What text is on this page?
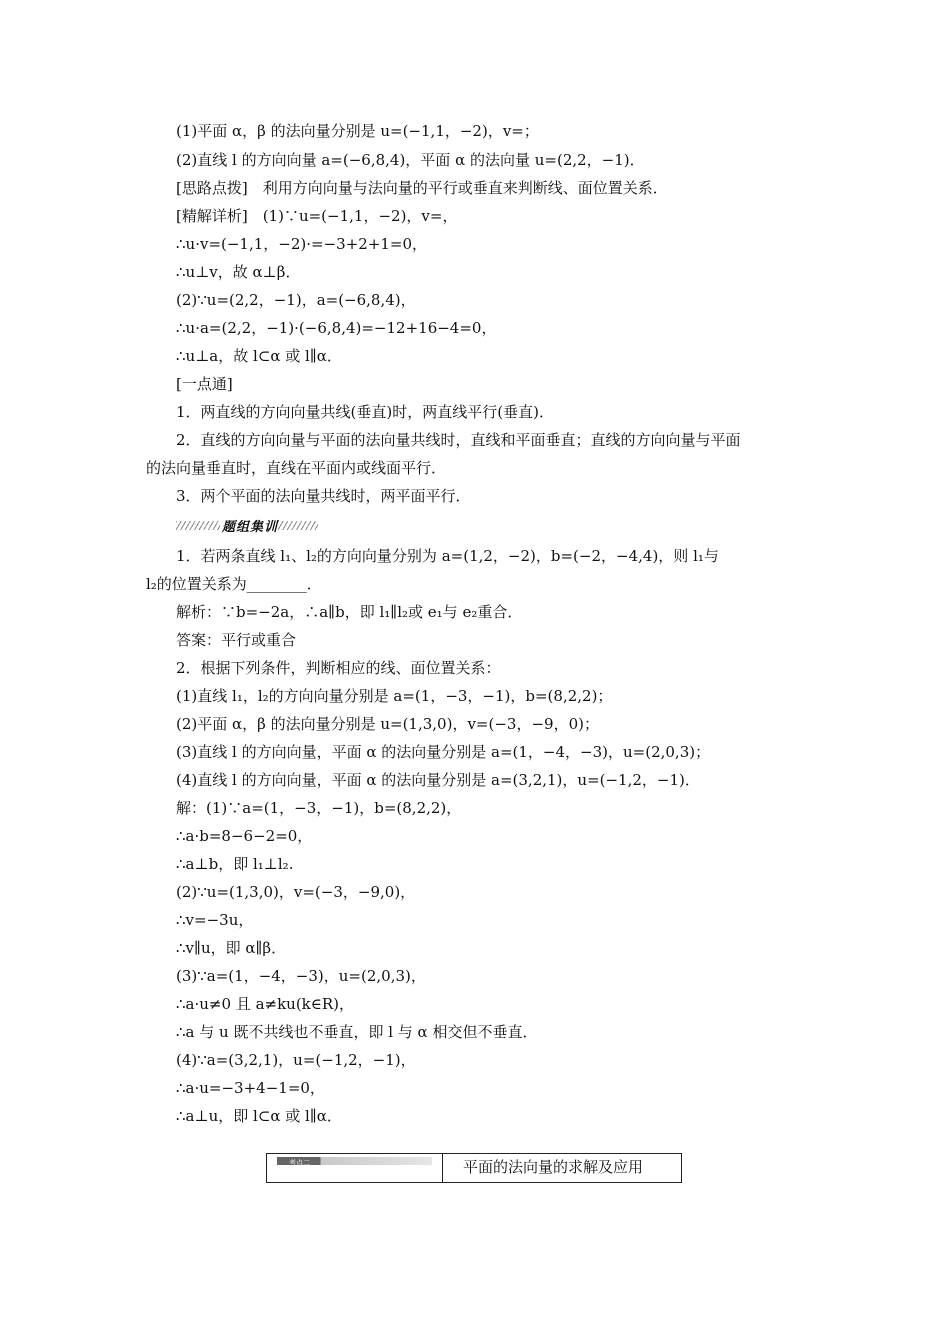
题组集训
考点二	平面的法向量的求解及应用
(1)平面 α，β 的法向量分别是 u=(−1,1，−2)，v=；
(2)直线 l 的方向向量 a=(−6,8,4)，平面 α 的法向量 u=(2,2，−1)．
[思路点拨]　利用方向向量与法向量的平行或垂直来判断线、面位置关系．
[精解详析]　(1)∵u=(−1,1，−2)，v=，
∴u·v=(−1,1，−2)·=−3+2+1=0，
∴u⊥v，故 α⊥β．
(2)∵u=(2,2，−1)，a=(−6,8,4)，
∴u·a=(2,2，−1)·(−6,8,4)=−12+16−4=0，
∴u⊥a，故 l⊂α 或 l∥α．
[一点通]
1．两直线的方向向量共线(垂直)时，两直线平行(垂直)．
2．直线的方向向量与平面的法向量共线时，直线和平面垂直；直线的方向向量与平面
的法向量垂直时，直线在平面内或线面平行．
3．两个平面的法向量共线时，两平面平行．
1．若两条直线 l₁、l₂的方向向量分别为 a=(1,2，−2)，b=(−2，−4,4)，则 l₁与
l₂的位置关系为________．
解析：∵b=−2a，∴a∥b，即 l₁∥l₂或 e₁与 e₂重合．
答案：平行或重合
2．根据下列条件，判断相应的线、面位置关系：
(1)直线 l₁，l₂的方向向量分别是 a=(1，−3，−1)，b=(8,2,2)；
(2)平面 α，β 的法向量分别是 u=(1,3,0)，v=(−3，−9，0)；
(3)直线 l 的方向向量，平面 α 的法向量分别是 a=(1，−4，−3)，u=(2,0,3)；
(4)直线 l 的方向向量，平面 α 的法向量分别是 a=(3,2,1)，u=(−1,2，−1)．
解：(1)∵a=(1，−3，−1)，b=(8,2,2)，
∴a·b=8−6−2=0，
∴a⊥b，即 l₁⊥l₂.
(2)∵u=(1,3,0)，v=(−3，−9,0)，
∴v=−3u，
∴v∥u，即 α∥β．
(3)∵a=(1，−4，−3)，u=(2,0,3)，
∴a·u≠0 且 a≠ku(k∈R)，
∴a 与 u 既不共线也不垂直，即 l 与 α 相交但不垂直．
(4)∵a=(3,2,1)，u=(−1,2，−1)，
∴a·u=−3+4−1=0，
∴a⊥u，即 l⊂α 或 l∥α．
